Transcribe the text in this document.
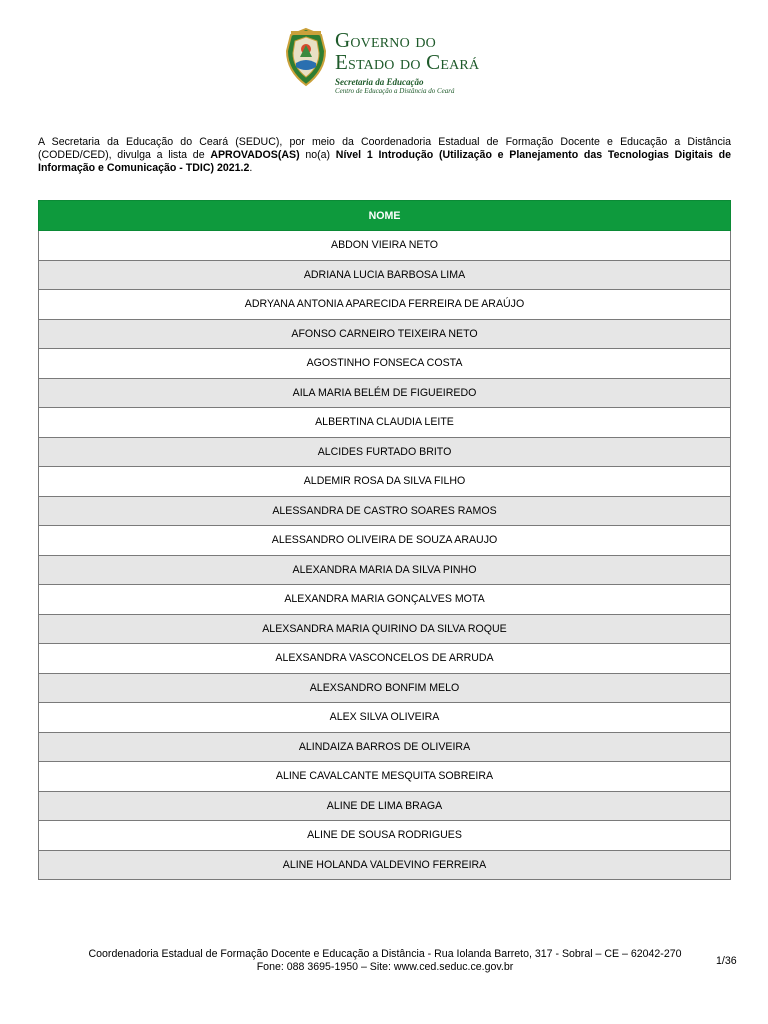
GOVERNO DO
ESTADO DO CEARÁ
Secretaria da Educação
Centro de Educação a Distância do Ceará
A Secretaria da Educação do Ceará (SEDUC), por meio da Coordenadoria Estadual de Formação Docente e Educação a Distância (CODED/CED), divulga a lista de APROVADOS(AS) no(a) Nível 1 Introdução (Utilização e Planejamento das Tecnologias Digitais de Informação e Comunicação - TDIC) 2021.2.
NOME
ABDON VIEIRA NETO
ADRIANA LUCIA BARBOSA LIMA
ADRYANA ANTONIA APARECIDA FERREIRA DE ARAÚJO
AFONSO CARNEIRO TEIXEIRA NETO
AGOSTINHO FONSECA COSTA
AILA MARIA BELÉM DE FIGUEIREDO
ALBERTINA CLAUDIA LEITE
ALCIDES FURTADO BRITO
ALDEMIR ROSA DA SILVA FILHO
ALESSANDRA DE CASTRO SOARES RAMOS
ALESSANDRO OLIVEIRA DE SOUZA ARAUJO
ALEXANDRA MARIA DA SILVA PINHO
ALEXANDRA MARIA GONÇALVES MOTA
ALEXSANDRA MARIA QUIRINO DA SILVA ROQUE
ALEXSANDRA VASCONCELOS DE ARRUDA
ALEXSANDRO BONFIM MELO
ALEX SILVA OLIVEIRA
ALINDAIZA BARROS DE OLIVEIRA
ALINE CAVALCANTE MESQUITA SOBREIRA
ALINE DE LIMA BRAGA
ALINE DE SOUSA RODRIGUES
ALINE HOLANDA VALDEVINO FERREIRA
Coordenadoria Estadual de Formação Docente e Educação a Distância - Rua Iolanda Barreto, 317 - Sobral – CE – 62042-270
Fone: 088 3695-1950 – Site: www.ced.seduc.ce.gov.br	1/36
